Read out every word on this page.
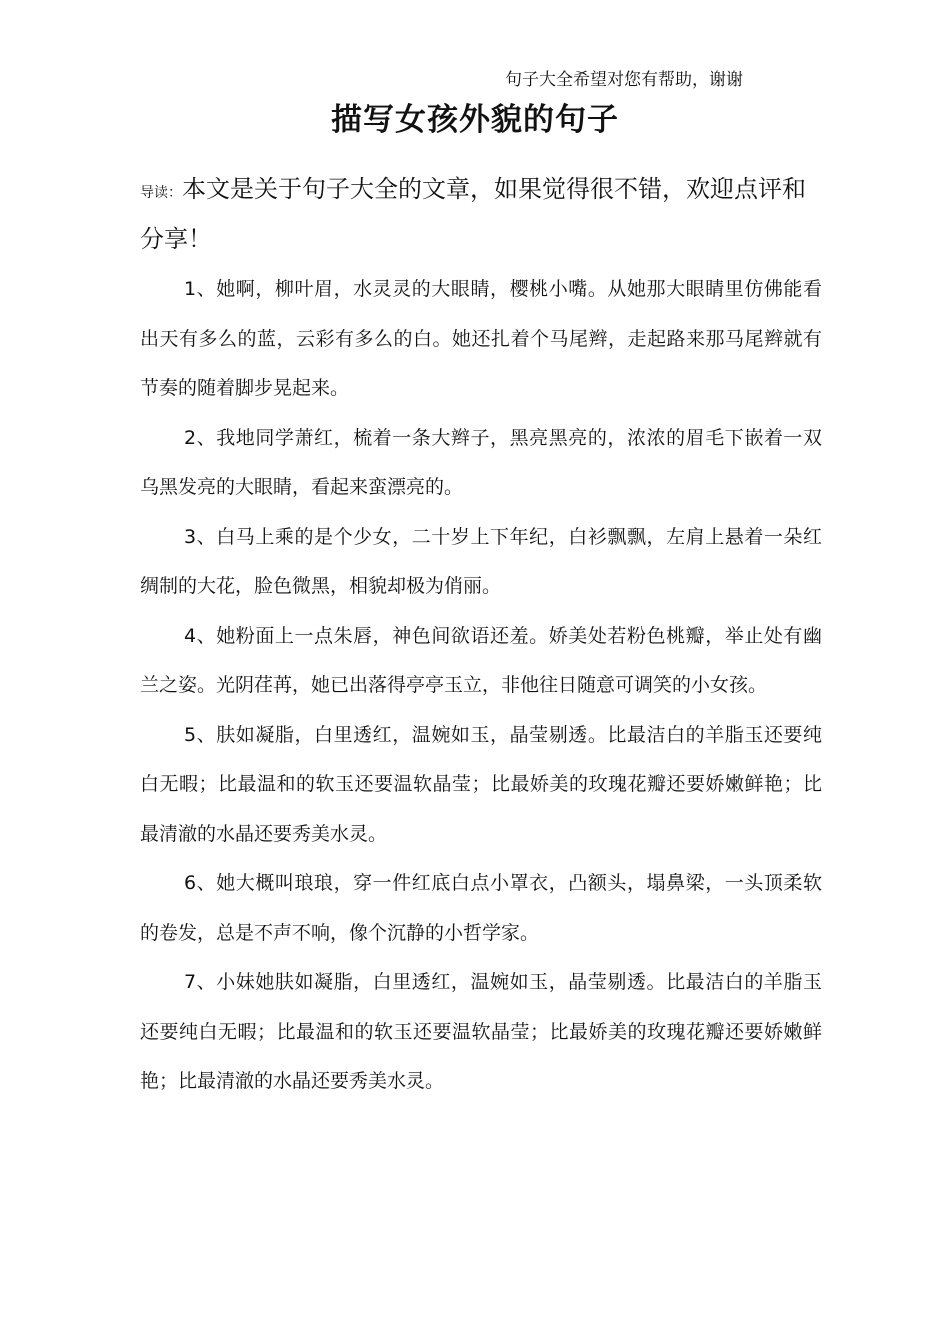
句子大全希望对您有帮助，谢谢
描写女孩外貌的句子
导读：本文是关于句子大全的文章，如果觉得很不错，欢迎点评和分享！

1、她啊，柳叶眉，水灵灵的大眼睛，樱桃小嘴。从她那大眼睛里仿佛能看出天有多么的蓝，云彩有多么的白。她还扎着个马尾辫，走起路来那马尾辫就有节奏的随着脚步晃起来。

2、我地同学萧红，梳着一条大辫子，黑亮黑亮的，浓浓的眉毛下嵌着一双乌黑发亮的大眼睛，看起来蛮漂亮的。

3、白马上乘的是个少女，二十岁上下年纪，白衫飘飘，左肩上悬着一朵红绸制的大花，脸色微黑，相貌却极为俏丽。

4、她粉面上一点朱唇，神色间欲语还羞。娇美处若粉色桃瓣，举止处有幽兰之姿。光阴荏苒，她已出落得亭亭玉立，非他往日随意可调笑的小女孩。

5、肤如凝脂，白里透红，温婉如玉，晶莹剔透。比最洁白的羊脂玉还要纯白无暇；比最温和的软玉还要温软晶莹；比最娇美的玫瑰花瓣还要娇嫩鲜艳；比最清澈的水晶还要秀美水灵。

6、她大概叫琅琅，穿一件红底白点小罩衣，凸额头，塌鼻梁，一头顶柔软的卷发，总是不声不响，像个沉静的小哲学家。

7、小妹她肤如凝脂，白里透红，温婉如玉，晶莹剔透。比最洁白的羊脂玉还要纯白无暇；比最温和的软玉还要温软晶莹；比最娇美的玫瑰花瓣还要娇嫩鲜艳；比最清澈的水晶还要秀美水灵。
